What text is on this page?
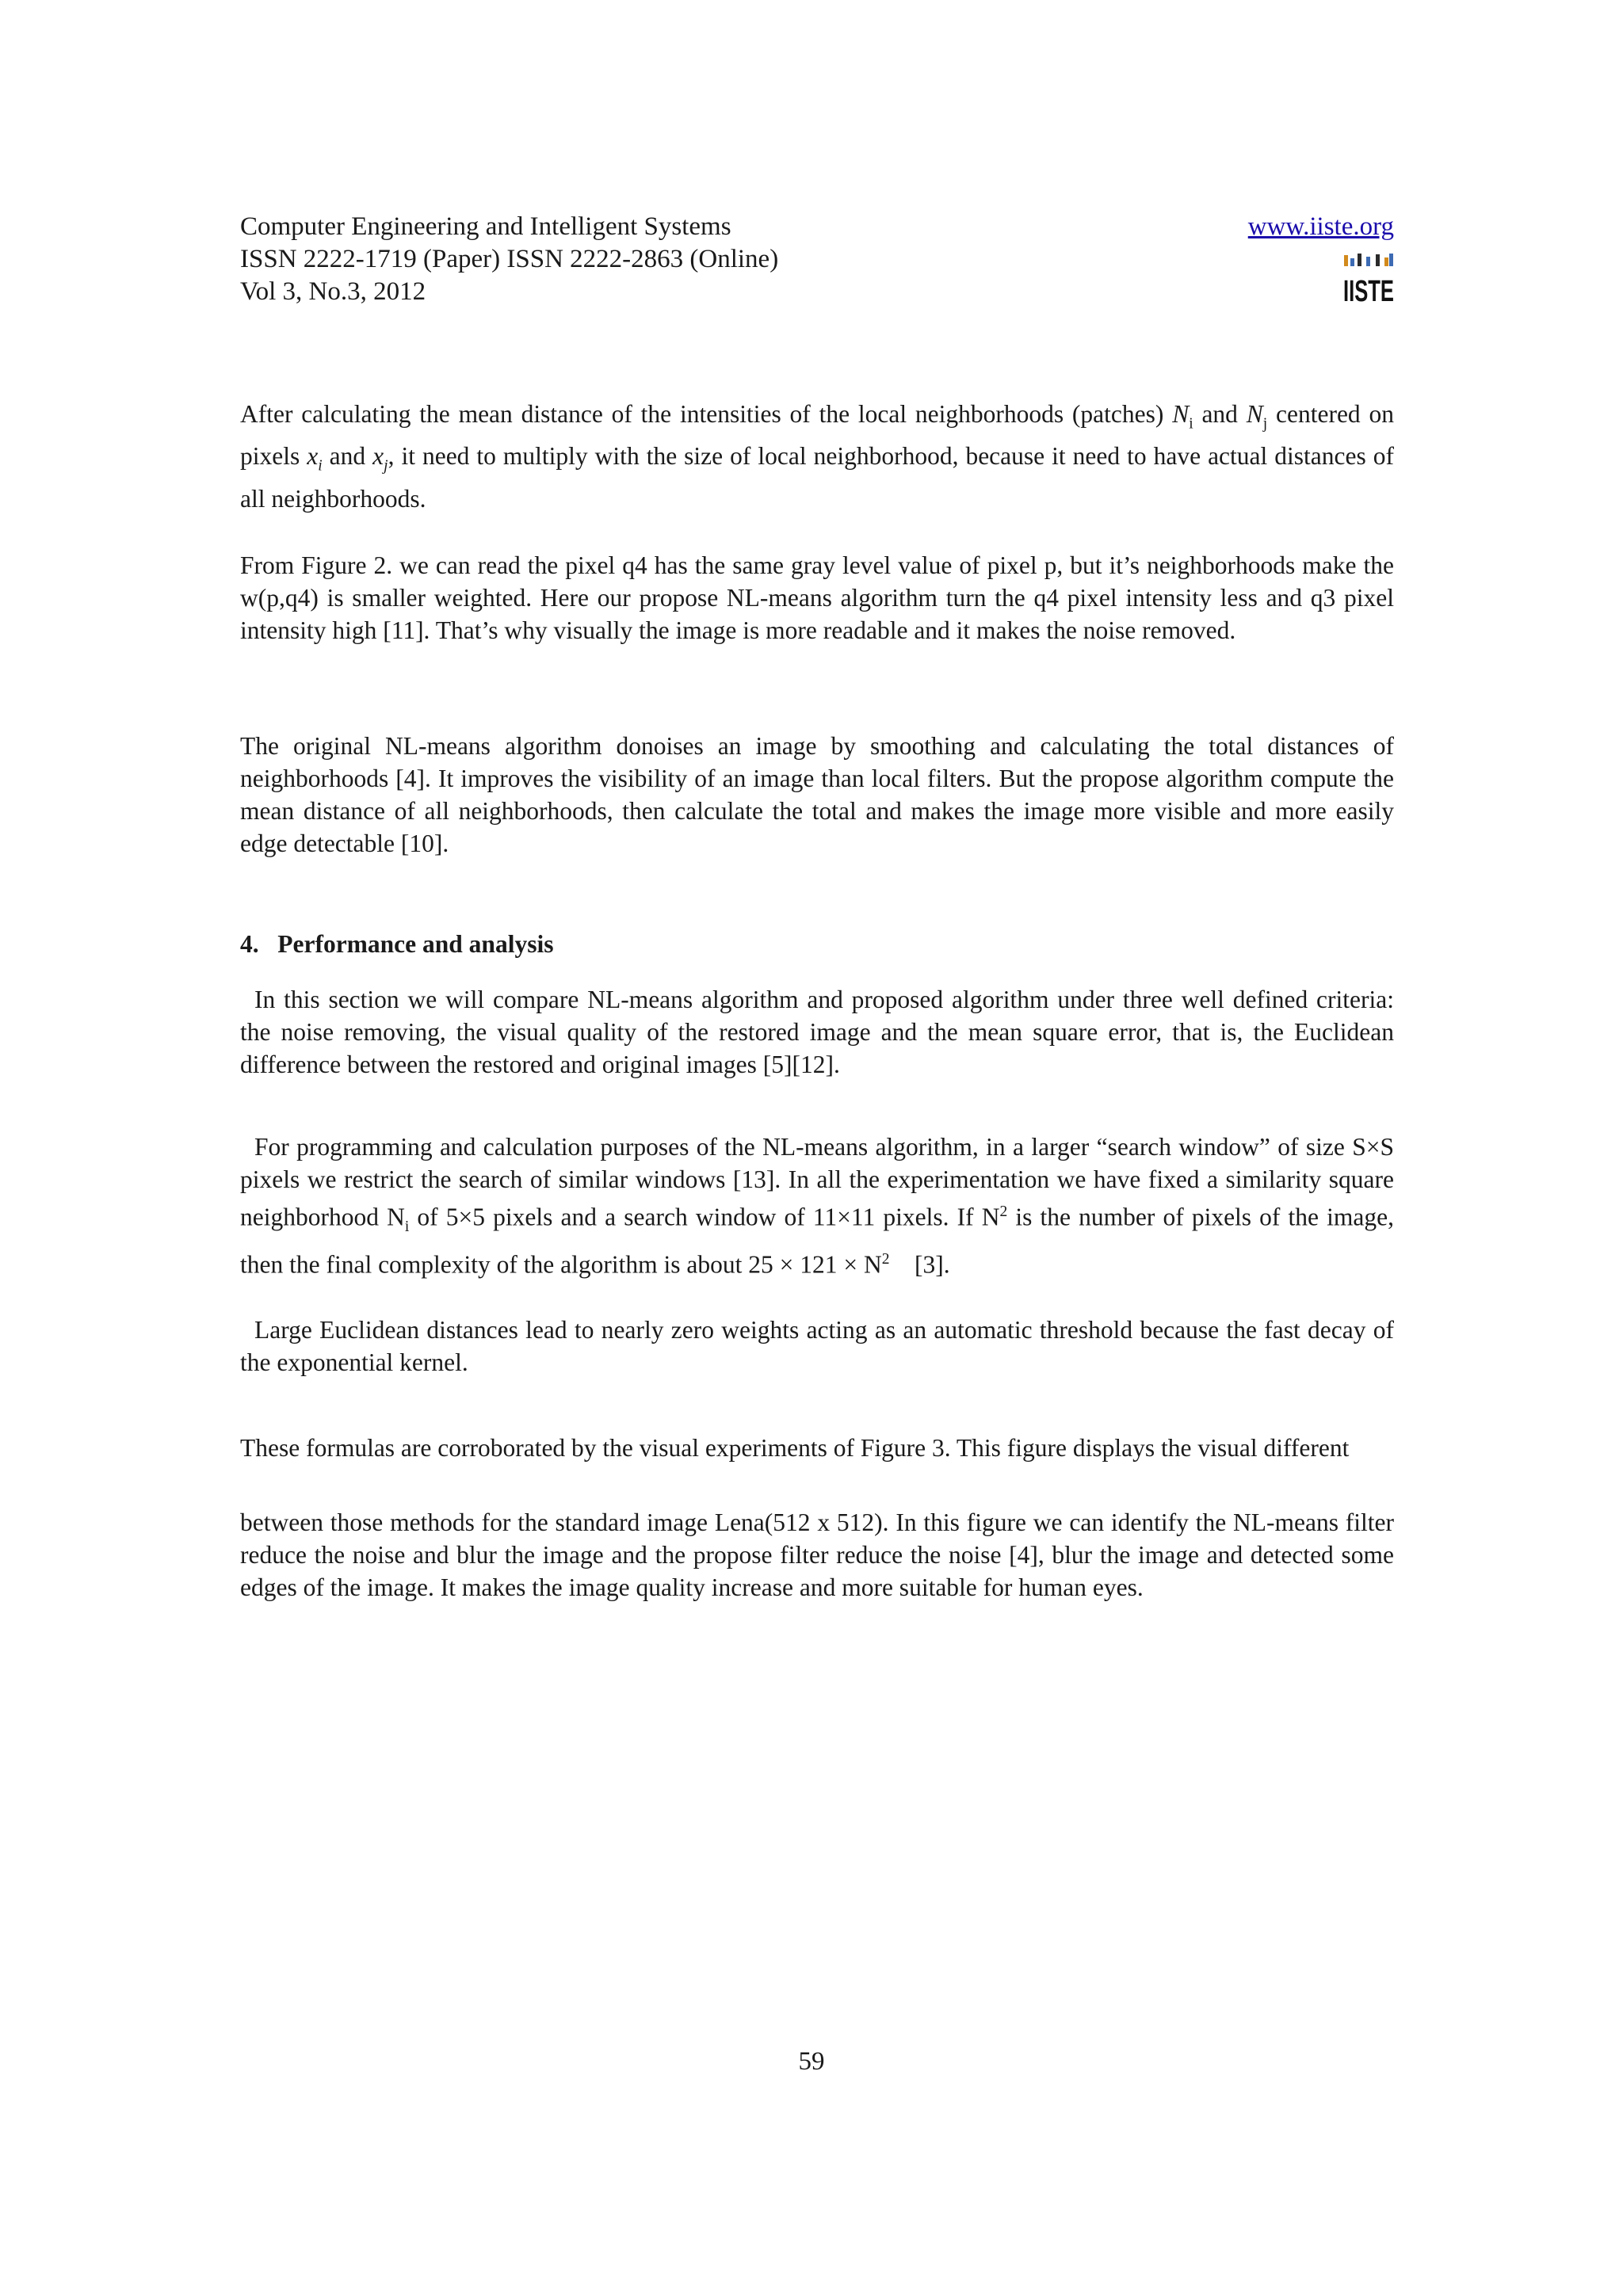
Computer Engineering and Intelligent Systems
ISSN 2222-1719 (Paper) ISSN 2222-2863 (Online)
Vol 3, No.3, 2012
www.iiste.org
IISTE
After calculating the mean distance of the intensities of the local neighborhoods (patches) $N_i$ and $N_j$ centered on pixels $x_i$ and $x_j$, it need to multiply with the size of local neighborhood, because it need to have actual distances of all neighborhoods.
From Figure 2. we can read the pixel q4 has the same gray level value of pixel p, but it’s neighborhoods make the w(p,q4) is smaller weighted. Here our propose NL-means algorithm turn the q4 pixel intensity less and q3 pixel intensity high [11]. That’s why visually the image is more readable and it makes the noise removed.
The original NL-means algorithm donoises an image by smoothing and calculating the total distances of neighborhoods [4]. It improves the visibility of an image than local filters. But the propose algorithm compute the mean distance of all neighborhoods, then calculate the total and makes the image more visible and more easily edge detectable [10].
4.   Performance and analysis
In this section we will compare NL-means algorithm and proposed algorithm under three well defined criteria: the noise removing, the visual quality of the restored image and the mean square error, that is, the Euclidean difference between the restored and original images [5][12].
For programming and calculation purposes of the NL-means algorithm, in a larger “search window” of size S×S pixels we restrict the search of similar windows [13]. In all the experimentation we have fixed a similarity square neighborhood $N_i$ of 5×5 pixels and a search window of 11×11 pixels. If $N^2$ is the number of pixels of the image, then the final complexity of the algorithm is about $25 \times 121 \times N^2$    [3].
Large Euclidean distances lead to nearly zero weights acting as an automatic threshold because the fast decay of the exponential kernel.
These formulas are corroborated by the visual experiments of Figure 3. This figure displays the visual different
between those methods for the standard image Lena(512 x 512). In this figure we can identify the NL-means filter reduce the noise and blur the image and the propose filter reduce the noise [4], blur the image and detected some edges of the image. It makes the image quality increase and more suitable for human eyes.
59
